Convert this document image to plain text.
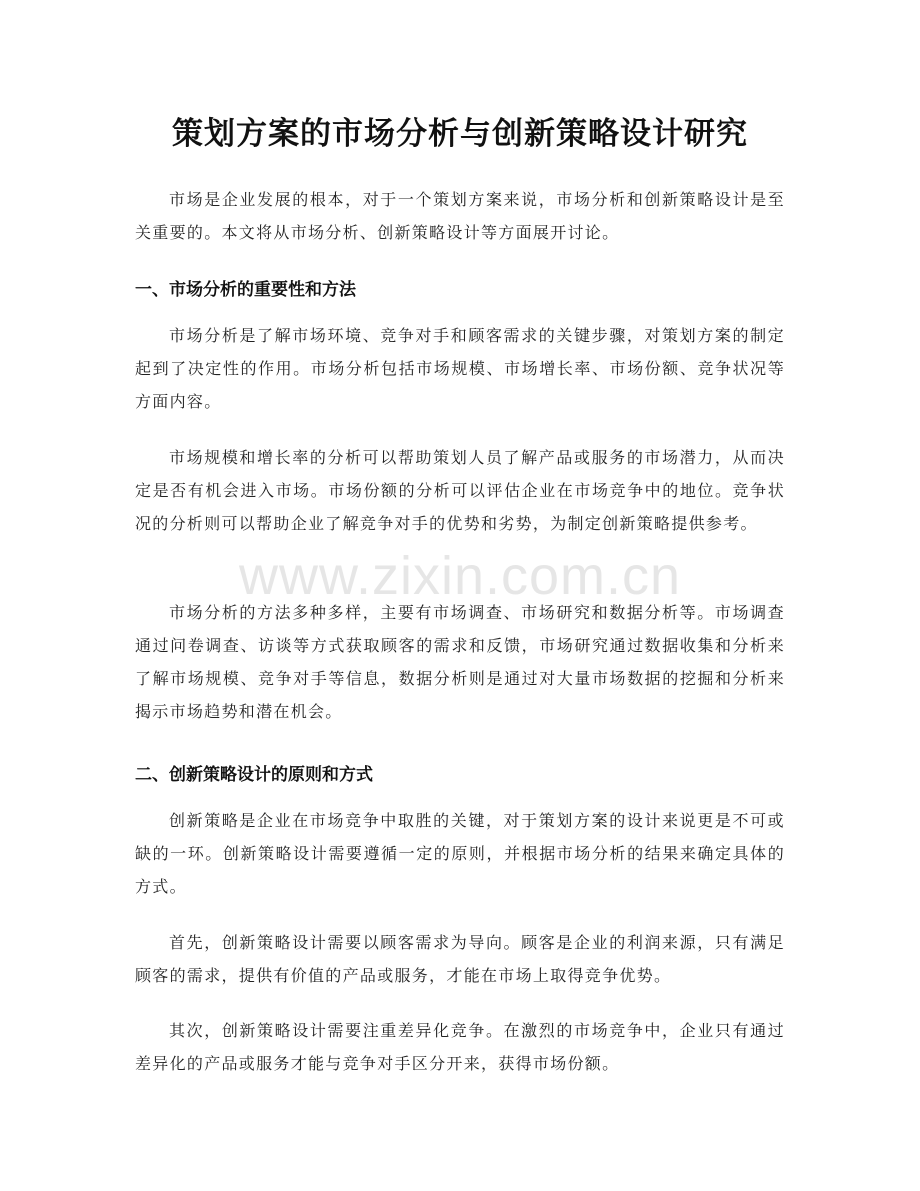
策划方案的市场分析与创新策略设计研究

市场是企业发展的根本，对于一个策划方案来说，市场分析和创新策略设计是至关重要的。本文将从市场分析、创新策略设计等方面展开讨论。

一、市场分析的重要性和方法

市场分析是了解市场环境、竞争对手和顾客需求的关键步骤，对策划方案的制定起到了决定性的作用。市场分析包括市场规模、市场增长率、市场份额、竞争状况等方面内容。

市场规模和增长率的分析可以帮助策划人员了解产品或服务的市场潜力，从而决定是否有机会进入市场。市场份额的分析可以评估企业在市场竞争中的地位。竞争状况的分析则可以帮助企业了解竞争对手的优势和劣势，为制定创新策略提供参考。

市场分析的方法多种多样，主要有市场调查、市场研究和数据分析等。市场调查通过问卷调查、访谈等方式获取顾客的需求和反馈，市场研究通过数据收集和分析来了解市场规模、竞争对手等信息，数据分析则是通过对大量市场数据的挖掘和分析来揭示市场趋势和潜在机会。

二、创新策略设计的原则和方式

创新策略是企业在市场竞争中取胜的关键，对于策划方案的设计来说更是不可或缺的一环。创新策略设计需要遵循一定的原则，并根据市场分析的结果来确定具体的方式。

首先，创新策略设计需要以顾客需求为导向。顾客是企业的利润来源，只有满足顾客的需求，提供有价值的产品或服务，才能在市场上取得竞争优势。

其次，创新策略设计需要注重差异化竞争。在激烈的市场竞争中，企业只有通过差异化的产品或服务才能与竞争对手区分开来，获得市场份额。

www.zixin.com.cn
